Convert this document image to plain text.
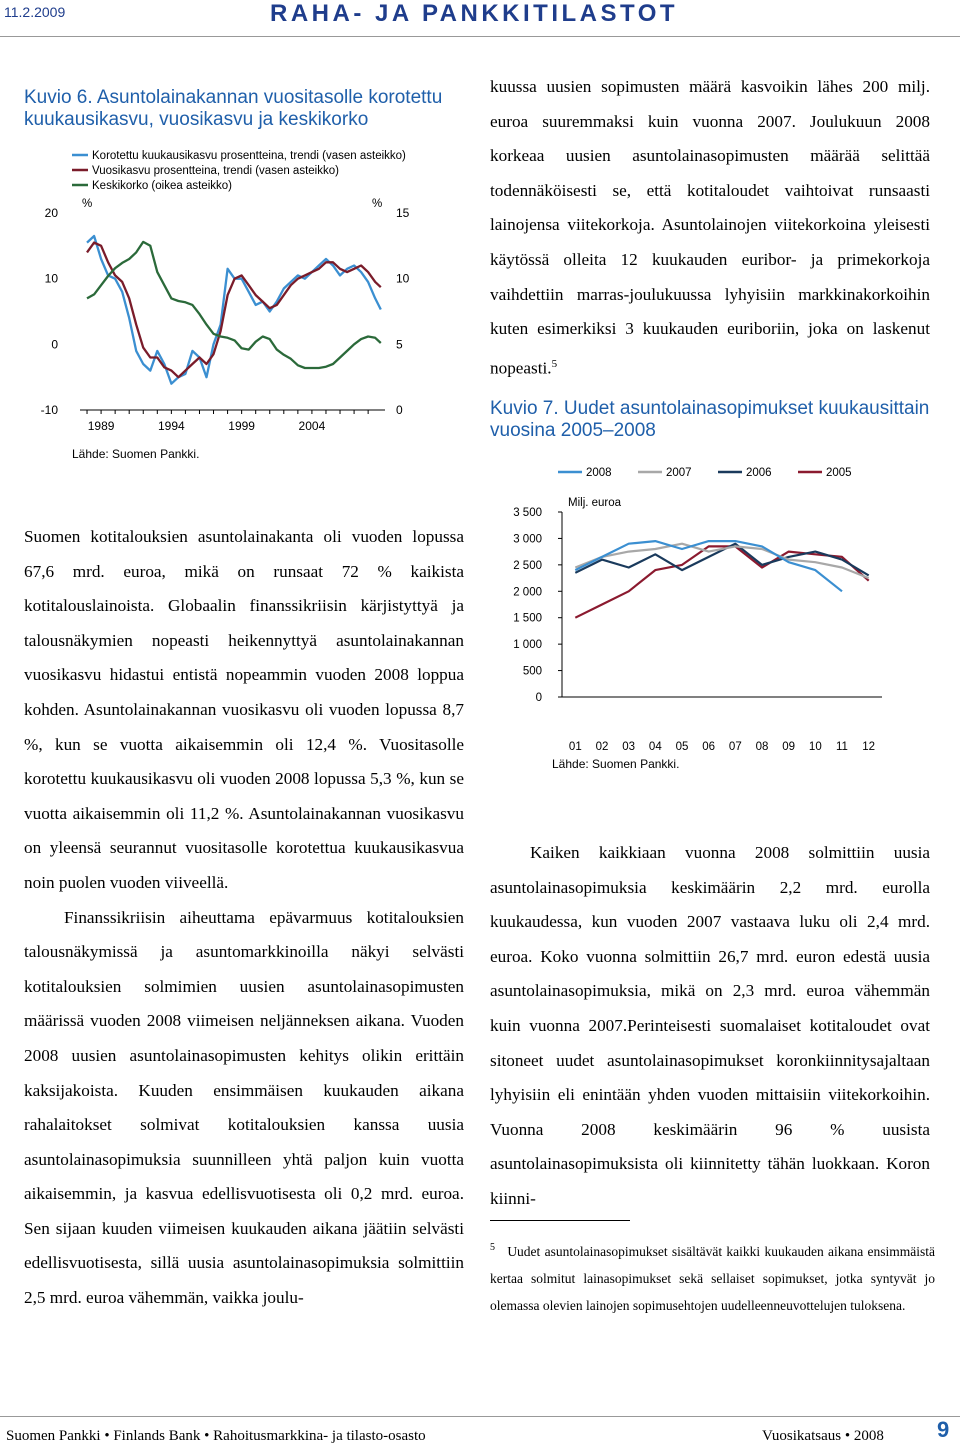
11.2.2009	RAHA- JA PANKKITILASTOT
Kuvio 6. Asuntolainakannan vuositasolle korotettu kuukausikasvu, vuosikasvu ja keskikorko
Korotettu kuukausikasvu prosentteina, trendi (vasen asteikko)
Vuosikasvu prosentteina, trendi (vasen asteikko)
Keskikorko (oikea asteikko)
%	%
20
10
0
-10
15
10
5
0
1989	1994	1999	2004
Lähde: Suomen Pankki.

Suomen kotitalouksien asuntolainakanta oli vuoden lopussa 67,6 mrd. euroa, mikä on runsaat 72 % kaikista kotitalouslainoista. Globaalin finanssikriisin kärjistyttyä ja talousnäkymien nopeasti heikennyttyä asuntolainakannan vuosikasvu hidastui entistä nopeammin vuoden 2008 loppua kohden. Asuntolainakannan vuosikasvu oli vuoden lopussa 8,7 %, kun se vuotta aikaisemmin oli 12,4 %. Vuositasolle korotettu kuukausikasvu oli vuoden 2008 lopussa 5,3 %, kun se vuotta aikaisemmin oli 11,2 %. Asuntolainakannan vuosikasvu on yleensä seurannut vuositasolle korotettua kuukausikasvua noin puolen vuoden viiveellä.

Finanssikriisin aiheuttama epävarmuus kotitalouksien talousnäkymissä ja asuntomarkkinoilla näkyi selvästi kotitalouksien solmimien uusien asuntolainasopimusten määrissä vuoden 2008 viimeisen neljänneksen aikana. Vuoden 2008 uusien asuntolainasopimusten kehitys olikin erittäin kaksijakoista. Kuuden ensimmäisen kuukauden aikana rahalaitokset solmivat kotitalouksien kanssa uusia asuntolainasopimuksia suunnilleen yhtä paljon kuin vuotta aikaisemmin, ja kasvua edellisvuotisesta oli 0,2 mrd. euroa. Sen sijaan kuuden viimeisen kuukauden aikana jäätiin selvästi edellisvuotisesta, sillä uusia asuntolainasopimuksia solmittiin 2,5 mrd. euroa vähemmän, vaikka joulu-

kuussa uusien sopimusten määrä kasvoikin lähes 200 milj. euroa suuremmaksi kuin vuonna 2007. Joulukuun 2008 korkeaa uusien asuntolainasopimusten määrää selittää todennäköisesti se, että kotitaloudet vaihtoivat runsaasti lainojensa viitekorkoja. Asuntolainojen viitekorkoina yleisesti käytössä olleita 12 kuukauden euribor- ja primekorkoja vaihdettiin marras-joulukuussa lyhyisiin markkinakorkoihin kuten esimerkiksi 3 kuukauden euriboriin, joka on laskenut nopeasti.$^5$

Kuvio 7. Uudet asuntolainasopimukset kuukausittain vuosina 2005–2008
2008	2007	2006	2005
Milj. euroa
3 500
3 000
2 500
2 000
1 500
1 000
500
0
01 02 03 04 05 06 07 08 09 10 11 12
Lähde: Suomen Pankki.

Kaiken kaikkiaan vuonna 2008 solmittiin uusia asuntolainasopimuksia keskimäärin 2,2 mrd. eurolla kuukaudessa, kun vuoden 2007 vastaava luku oli 2,4 mrd. euroa. Koko vuonna solmittiin 26,7 mrd. euron edestä uusia asuntolainasopimuksia, mikä on 2,3 mrd. euroa vähemmän kuin vuonna 2007.Perinteisesti suomalaiset kotitaloudet ovat sitoneet uudet asuntolainasopimukset koronkiinnitysajaltaan lyhyisiin eli enintään yhden vuoden mittaisiin viitekorkoihin. Vuonna 2008 keskimäärin 96 % uusista asuntolainasopimuksista oli kiinnitetty tähän luokkaan. Koron kiinni-

$^5$ Uudet asuntolainasopimukset sisältävät kaikki kuukauden aikana ensimmäistä kertaa solmitut lainasopimukset sekä sellaiset sopimukset, jotka syntyvät jo olemassa olevien lainojen sopimusehtojen uudelleenneuvottelujen tuloksena.
Suomen Pankki • Finlands Bank • Rahoitusmarkkina- ja tilasto-osasto	Vuosikatsaus • 2008 9
